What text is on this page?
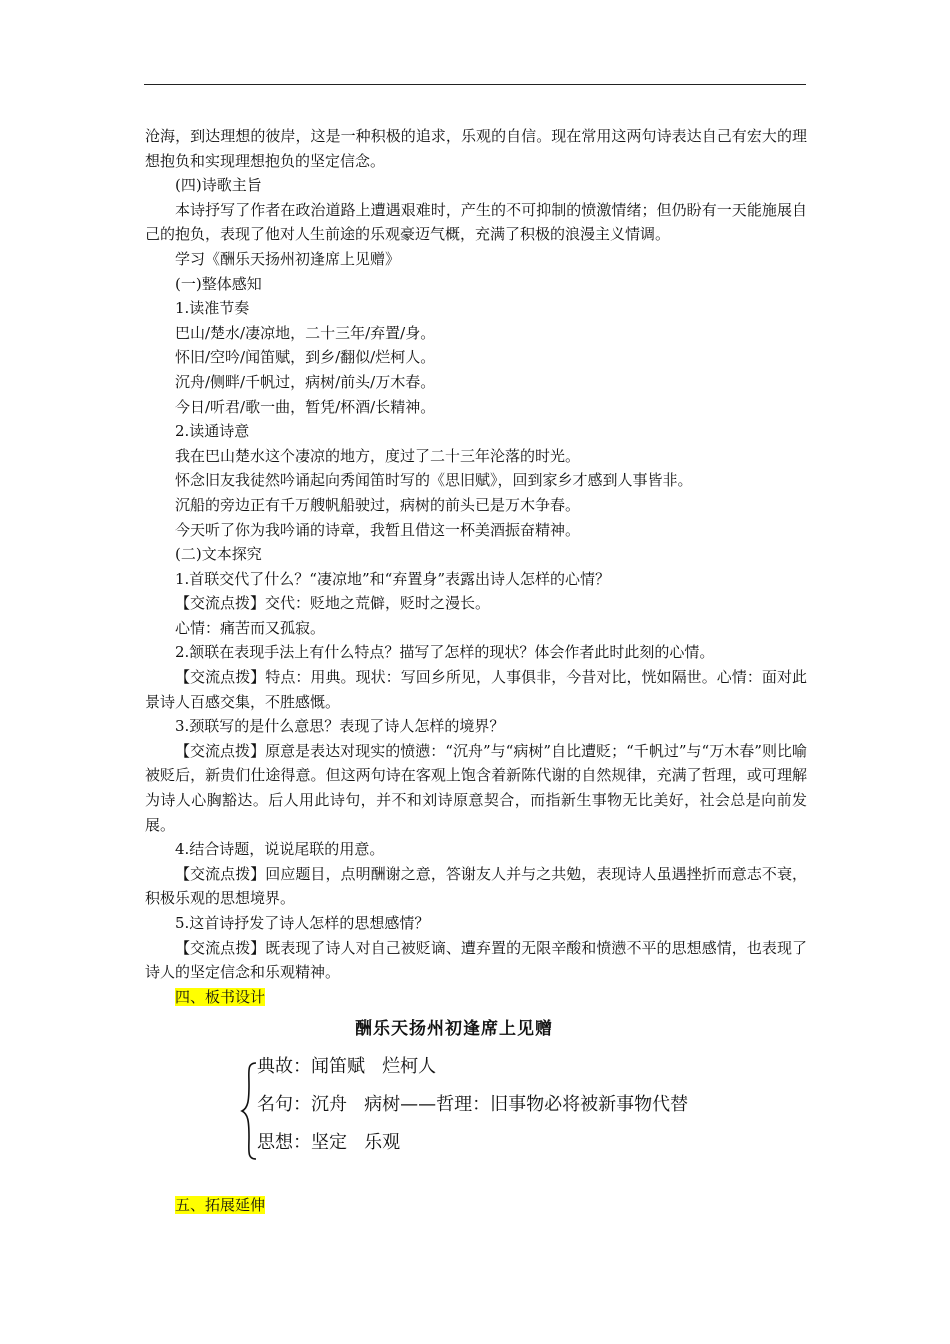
沧海，到达理想的彼岸，这是一种积极的追求，乐观的自信。现在常用这两句诗表达自己有宏大的理想抱负和实现理想抱负的坚定信念。

(四)诗歌主旨

本诗抒写了作者在政治道路上遭遇艰难时，产生的不可抑制的愤激情绪；但仍盼有一天能施展自己的抱负，表现了他对人生前途的乐观豪迈气概，充满了积极的浪漫主义情调。

学习《酬乐天扬州初逢席上见赠》

(一)整体感知

1.读准节奏

巴山/楚水/凄凉地，二十三年/弃置/身。

怀旧/空吟/闻笛赋，到乡/翻似/烂柯人。

沉舟/侧畔/千帆过，病树/前头/万木春。

今日/听君/歌一曲，暂凭/杯酒/长精神。

2.读通诗意

我在巴山楚水这个凄凉的地方，度过了二十三年沦落的时光。

怀念旧友我徒然吟诵起向秀闻笛时写的《思旧赋》，回到家乡才感到人事皆非。

沉船的旁边正有千万艘帆船驶过，病树的前头已是万木争春。

今天听了你为我吟诵的诗章，我暂且借这一杯美酒振奋精神。

(二)文本探究

1.首联交代了什么？“凄凉地”和“弃置身”表露出诗人怎样的心情？

【交流点拨】交代：贬地之荒僻，贬时之漫长。

心情：痛苦而又孤寂。

2.颔联在表现手法上有什么特点？描写了怎样的现状？体会作者此时此刻的心情。

【交流点拨】特点：用典。现状：写回乡所见，人事俱非，今昔对比，恍如隔世。心情：面对此景诗人百感交集，不胜感慨。

3.颈联写的是什么意思？表现了诗人怎样的境界？

【交流点拨】原意是表达对现实的愤懑：“沉舟”与“病树”自比遭贬；“千帆过”与“万木春”则比喻被贬后，新贵们仕途得意。但这两句诗在客观上饱含着新陈代谢的自然规律，充满了哲理，或可理解为诗人心胸豁达。后人用此诗句，并不和刘诗原意契合，而指新生事物无比美好，社会总是向前发展。

4.结合诗题，说说尾联的用意。

【交流点拨】回应题目，点明酬谢之意，答谢友人并与之共勉，表现诗人虽遇挫折而意志不衰，积极乐观的思想境界。

5.这首诗抒发了诗人怎样的思想感情？

【交流点拨】既表现了诗人对自己被贬谪、遭弃置的无限辛酸和愤懑不平的思想感情，也表现了诗人的坚定信念和乐观精神。

四、板书设计

酬乐天扬州初逢席上见赠
典故：闻笛赋   烂柯人
名句：沉舟   病树——哲理：旧事物必将被新事物代替
思想：坚定   乐观

五、拓展延伸
